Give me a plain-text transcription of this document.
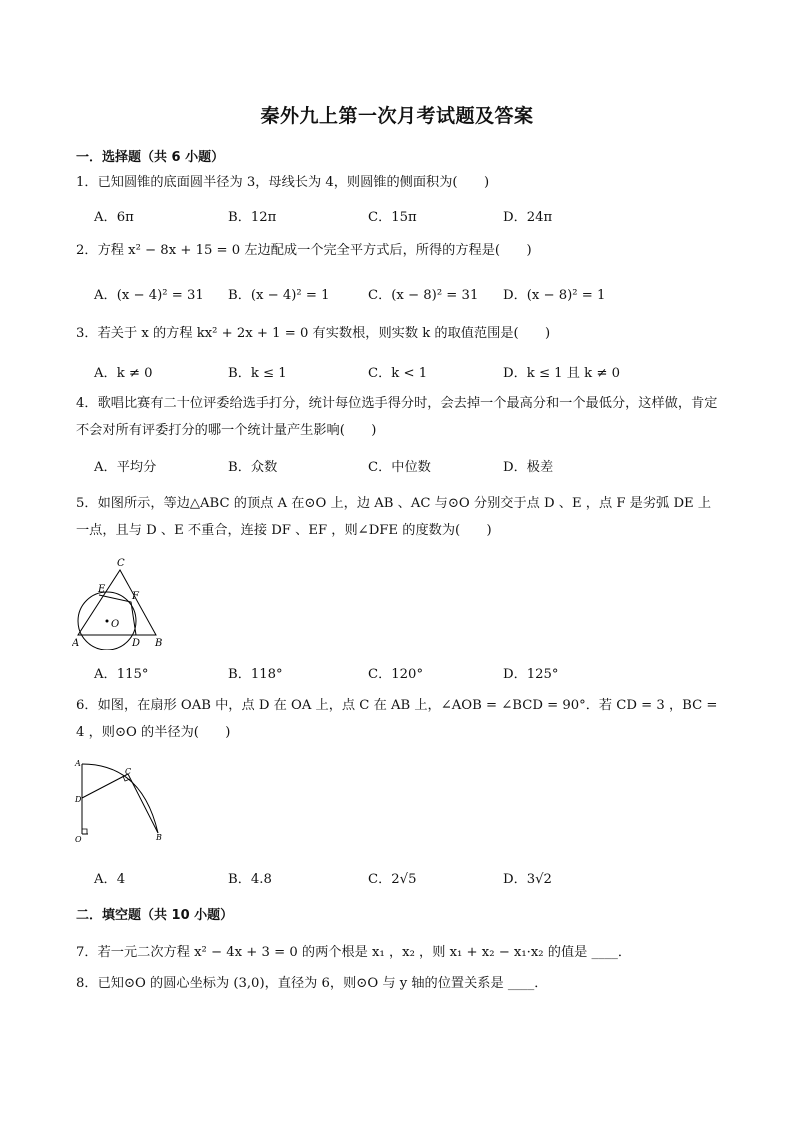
秦外九上第一次月考试题及答案
一．选择题（共 6 小题）
1．已知圆锥的底面圆半径为 3，母线长为 4，则圆锥的侧面积为(　　)
A．6π	B．12π	C．15π	D．24π
2．方程 x² − 8x + 15 = 0 左边配成一个完全平方式后，所得的方程是(　　)
A．(x − 4)² = 31 B．(x − 4)² = 1	C．(x − 8)² = 31 D．(x − 8)² = 1
3．若关于 x 的方程 kx² + 2x + 1 = 0 有实数根，则实数 k 的取值范围是(　　)
A．k ≠ 0	B．k ≤ 1	C．k < 1	D．k ≤ 1 且 k ≠ 0
4．歌唱比赛有二十位评委给选手打分，统计每位选手得分时，会去掉一个最高分和一个最低分，这样做，肯定不会对所有评委打分的哪一个统计量产生影响(　　)
A．平均分	B．众数	C．中位数	D．极差
5．如图所示，等边△ABC 的顶点 A 在⊙O 上，边 AB 、AC 与⊙O 分别交于点 D 、E ，点 F 是劣弧 DE 上一点，且与 D 、E 不重合，连接 DF 、EF ，则∠DFE 的度数为(　　)
C
E
F
O
A	D B
A．115°	B．118°	C．120°	D．125°
6．如图，在扇形 OAB 中，点 D 在 OA 上，点 C 在 AB 上，∠AOB = ∠BCD = 90°．若 CD = 3 ，BC = 4 ，则⊙O 的半径为(　　)
A
C
D
O	B
A．4	B．4.8	C．2√5	D．3√2
二．填空题（共 10 小题）
7．若一元二次方程 x² − 4x + 3 = 0 的两个根是 x₁ ，x₂ ，则 x₁ + x₂ − x₁·x₂ 的值是 ____．
8．已知⊙O 的圆心坐标为 (3,0)，直径为 6，则⊙O 与 y 轴的位置关系是 ____．
